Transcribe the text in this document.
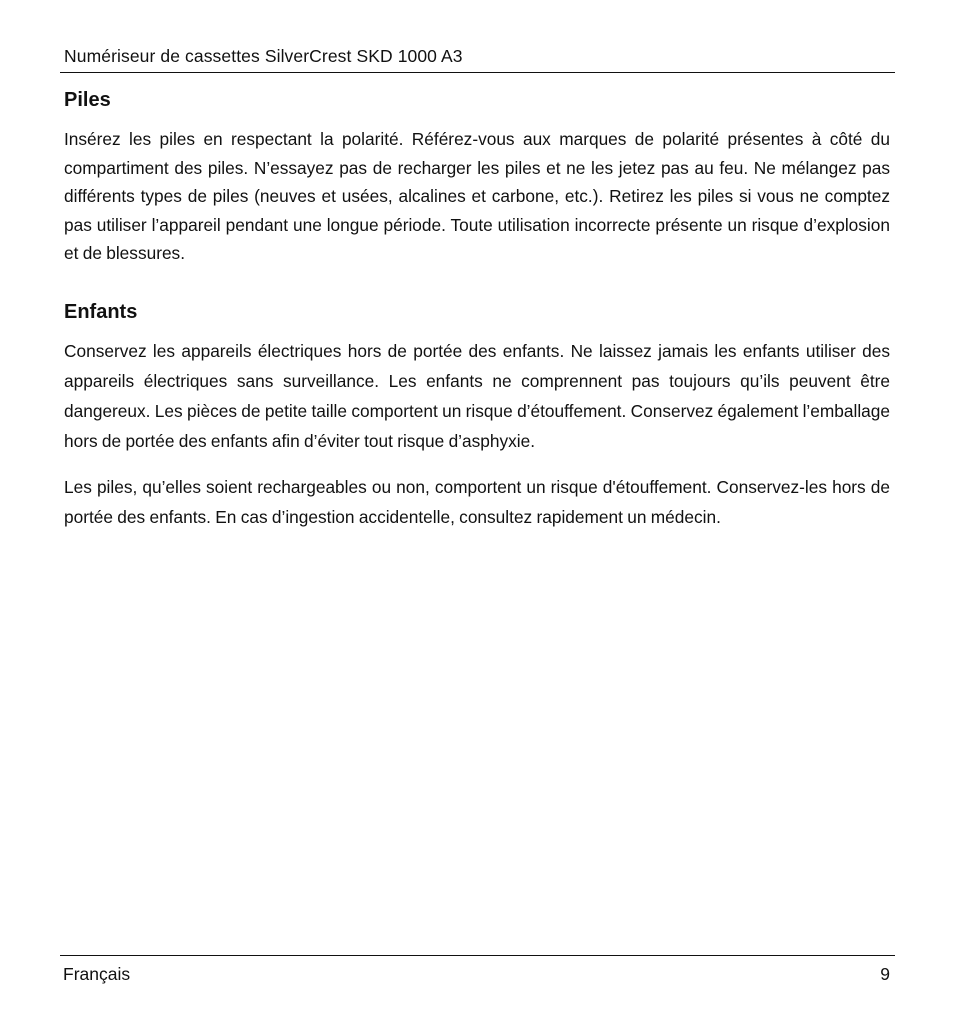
Numériseur de cassettes SilverCrest SKD 1000 A3
Piles

Insérez les piles en respectant la polarité. Référez-vous aux marques de polarité présentes à côté du compartiment des piles. N’essayez pas de recharger les piles et ne les jetez pas au feu. Ne mélangez pas différents types de piles (neuves et usées, alcalines et carbone, etc.). Retirez les piles si vous ne comptez pas utiliser l’appareil pendant une longue période. Toute utilisation incorrecte présente un risque d’explosion et de blessures.

Enfants

Conservez les appareils électriques hors de portée des enfants. Ne laissez jamais les enfants utiliser des appareils électriques sans surveillance. Les enfants ne comprennent pas toujours qu’ils peuvent être dangereux. Les pièces de petite taille comportent un risque d’étouffement. Conservez également l’emballage hors de portée des enfants afin d’éviter tout risque d’asphyxie.

Les piles, qu’elles soient rechargeables ou non, comportent un risque d'étouffement. Conservez-les hors de portée des enfants. En cas d’ingestion accidentelle, consultez rapidement un médecin.

Français	9
